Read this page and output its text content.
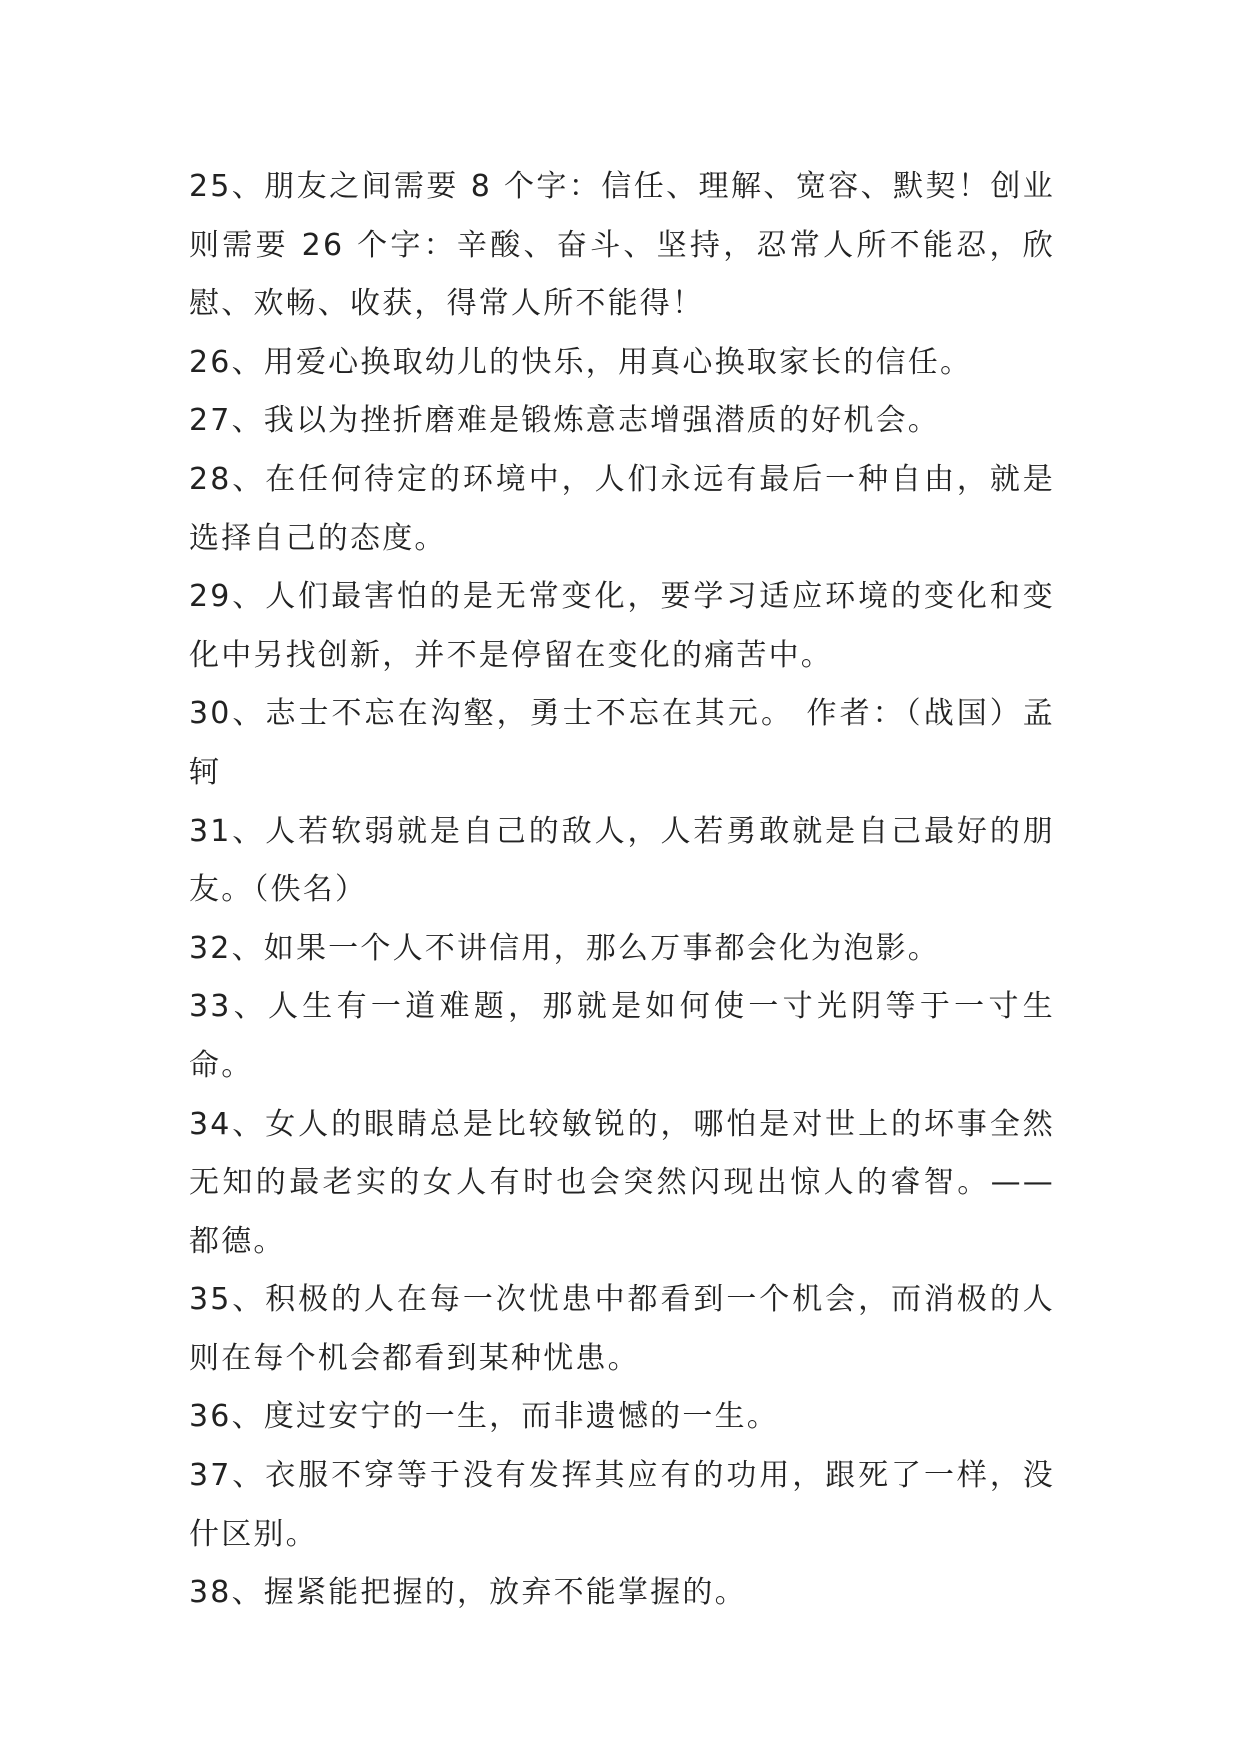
25、朋友之间需要 8 个字：信任、理解、宽容、默契！创业则需要 26 个字：辛酸、奋斗、坚持，忍常人所不能忍，欣慰、欢畅、收获，得常人所不能得！

26、用爱心换取幼儿的快乐，用真心换取家长的信任。

27、我以为挫折磨难是锻炼意志增强潜质的好机会。

28、在任何待定的环境中，人们永远有最后一种自由，就是选择自己的态度。

29、人们最害怕的是无常变化，要学习适应环境的变化和变化中另找创新，并不是停留在变化的痛苦中。

30、志士不忘在沟壑，勇士不忘在其元。 作者：（战国）孟轲

31、人若软弱就是自己的敌人，人若勇敢就是自己最好的朋友。（佚名）

32、如果一个人不讲信用，那么万事都会化为泡影。

33、人生有一道难题，那就是如何使一寸光阴等于一寸生命。

34、女人的眼睛总是比较敏锐的，哪怕是对世上的坏事全然无知的最老实的女人有时也会突然闪现出惊人的睿智。——都德。

35、积极的人在每一次忧患中都看到一个机会，而消极的人则在每个机会都看到某种忧患。

36、度过安宁的一生，而非遗憾的一生。

37、衣服不穿等于没有发挥其应有的功用，跟死了一样，没什区别。

38、握紧能把握的，放弃不能掌握的。
